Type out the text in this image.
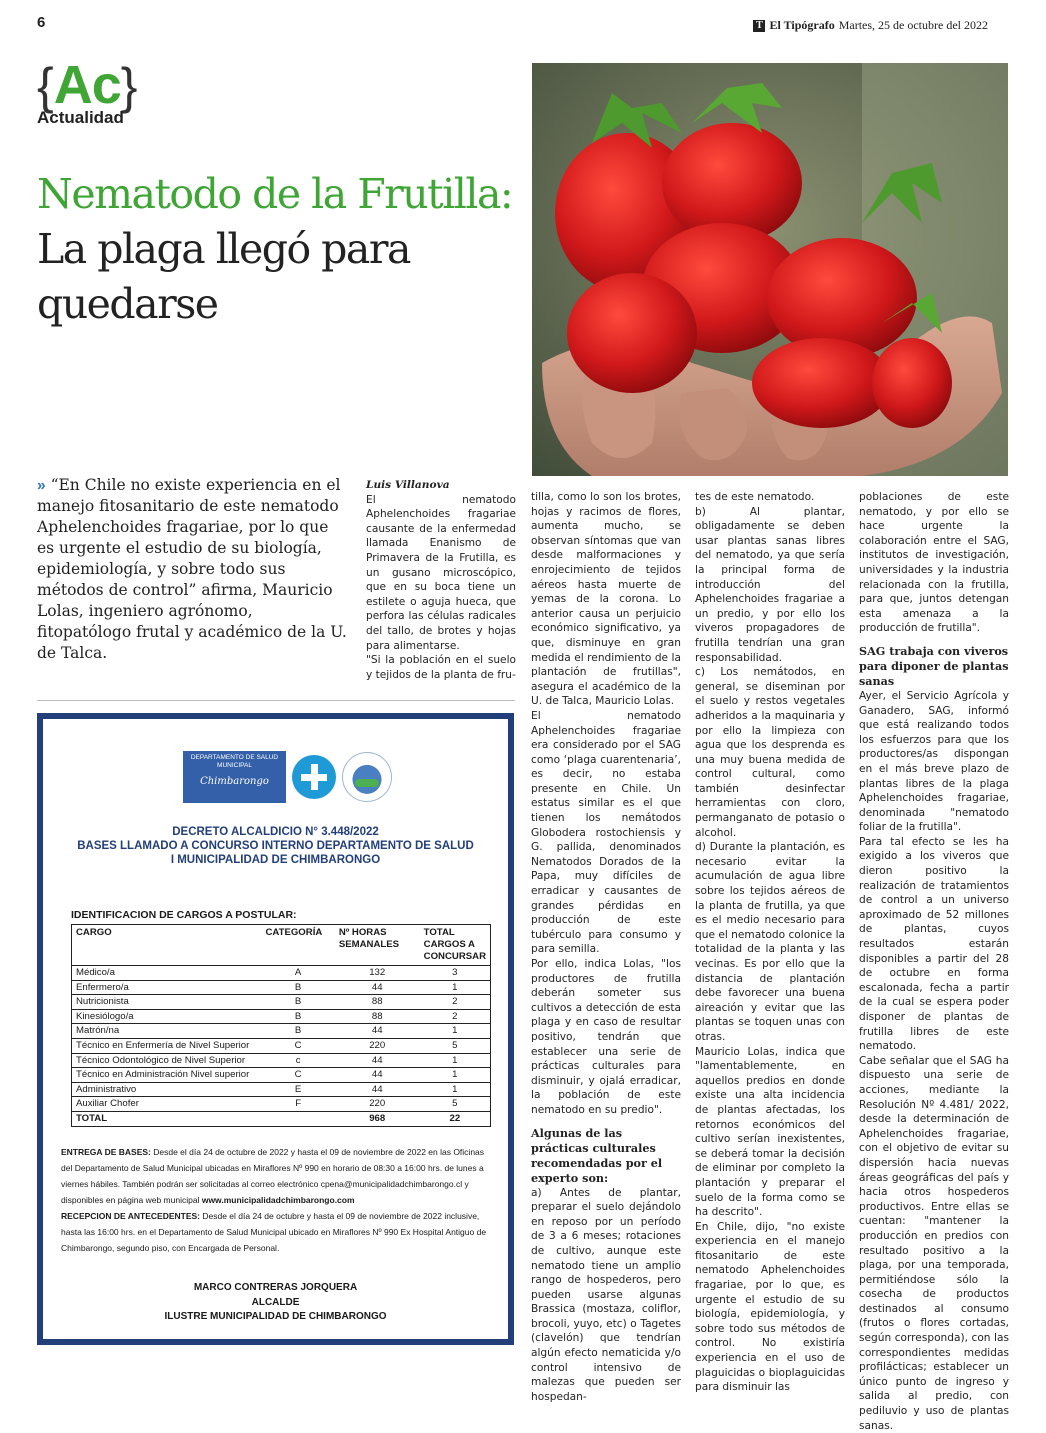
6	T El Tipógrafo Martes, 25 de octubre del 2022
{Ac}
Actualidad
Nematodo de la Frutilla: La plaga llegó para quedarse
» “En Chile no existe experiencia en el manejo fitosanitario de este nematodo Aphelenchoides fragariae, por lo que es urgente el estudio de su biología, epidemiología, y sobre todo sus métodos de control” afirma, Mauricio Lolas, ingeniero agrónomo, fitopatólogo frutal y académico de la U. de Talca.
Luis Villanova

El nematodo Aphelenchoides fragariae causante de la enfermedad llamada Enanismo de Primavera de la Frutilla, es un gusano microscópico, que en su boca tiene un estilete o aguja hueca, que perfora las células radicales del tallo, de brotes y hojas para alimentarse.

"Si la población en el suelo y tejidos de la planta de fru-

tilla, como lo son los brotes, hojas y racimos de flores, aumenta mucho, se observan síntomas que van desde malformaciones y enrojecimiento de tejidos aéreos hasta muerte de yemas de la corona. Lo anterior causa un perjuicio económico significativo, ya que, disminuye en gran medida el rendimiento de la plantación de frutillas", asegura el académico de la U. de Talca, Mauricio Lolas.

El nematodo Aphelenchoides fragariae era considerado por el SAG como ‘plaga cuarentenaria’, es decir, no estaba presente en Chile. Un estatus similar es el que tienen los nemátodos Globodera rostochiensis y G. pallida, denominados Nematodos Dorados de la Papa, muy difíciles de erradicar y causantes de grandes pérdidas en producción de este tubérculo para consumo y para semilla.

Por ello, indica Lolas, "los productores de frutilla deberán someter sus cultivos a detección de esta plaga y en caso de resultar positivo, tendrán que establecer una serie de prácticas culturales para disminuir, y ojalá erradicar, la población de este nematodo en su predio".

Algunas de las prácticas culturales recomendadas por el experto son:

a) Antes de plantar, preparar el suelo dejándolo en reposo por un período de 3 a 6 meses; rotaciones de cultivo, aunque este nematodo tiene un amplio rango de hospederos, pero pueden usarse algunas Brassica (mostaza, coliflor, brocoli, yuyo, etc) o Tagetes (clavelón) que tendrían algún efecto nematicida y/o control intensivo de malezas que pueden ser hospedan-

tes de este nematodo.

b) Al plantar, obligadamente se deben usar plantas sanas libres del nematodo, ya que sería la principal forma de introducción del Aphelenchoides fragariae a un predio, y por ello los viveros propagadores de frutilla tendrían una gran responsabilidad.

c) Los nemátodos, en general, se diseminan por el suelo y restos vegetales adheridos a la maquinaria y por ello la limpieza con agua que los desprenda es una muy buena medida de control cultural, como también desinfectar herramientas con cloro, permanganato de potasio o alcohol.

d) Durante la plantación, es necesario evitar la acumulación de agua libre sobre los tejidos aéreos de la planta de frutilla, ya que es el medio necesario para que el nematodo colonice la totalidad de la planta y las vecinas. Es por ello que la distancia de plantación debe favorecer una buena aireación y evitar que las plantas se toquen unas con otras.

Mauricio Lolas, indica que "lamentablemente, en aquellos predios en donde existe una alta incidencia de plantas afectadas, los retornos económicos del cultivo serían inexistentes, se deberá tomar la decisión de eliminar por completo la plantación y preparar el suelo de la forma como se ha descrito".

En Chile, dijo, "no existe experiencia en el manejo fitosanitario de este nematodo Aphelenchoides fragariae, por lo que, es urgente el estudio de su biología, epidemiología, y sobre todo sus métodos de control. No existiría experiencia en el uso de plaguicidas o bioplaguicidas para disminuir las

poblaciones de este nematodo, y por ello se hace urgente la colaboración entre el SAG, institutos de investigación, universidades y la industria relacionada con la frutilla, para que, juntos detengan esta amenaza a la producción de frutilla".

SAG trabaja con viveros para diponer de plantas sanas

Ayer, el Servicio Agrícola y Ganadero, SAG, informó que está realizando todos los esfuerzos para que los productores/as dispongan en el más breve plazo de plantas libres de la plaga Aphelenchoides fragariae, denominada "nematodo foliar de la frutilla".

Para tal efecto se les ha exigido a los viveros que dieron positivo la realización de tratamientos de control a un universo aproximado de 52 millones de plantas, cuyos resultados estarán disponibles a partir del 28 de octubre en forma escalonada, fecha a partir de la cual se espera poder disponer de plantas de frutilla libres de este nematodo.

Cabe señalar que el SAG ha dispuesto una serie de acciones, mediante la Resolución Nº 4.481/ 2022, desde la determinación de Aphelenchoides fragariae, con el objetivo de evitar su dispersión hacia nuevas áreas geográficas del país y hacia otros hospederos productivos. Entre ellas se cuentan: "mantener la producción en predios con resultado positivo a la plaga, por una temporada, permitiéndose sólo la cosecha de productos destinados al consumo (frutos o flores cortadas, según corresponda), con las correspondientes medidas profilácticas; establecer un único punto de ingreso y salida al predio, con pediluvio y uso de plantas sanas.

DEPARTAMENTO DE SALUD
MUNICIPAL
Chimbarongo
DECRETO ALCALDICIO N° 3.448/2022
BASES LLAMADO A CONCURSO INTERNO DEPARTAMENTO DE SALUD
I MUNICIPALIDAD DE CHIMBARONGO
IDENTIFICACION DE CARGOS A POSTULAR:
CARGO	CATEGORÍA	Nº HORAS SEMANALES	TOTAL CARGOS A CONCURSAR
Médico/a	A	132	3
Enfermero/a	B	44	1
Nutricionista	B	88	2
Kinesiólogo/a	B	88	2
Matrón/na	B	44	1
Técnico en Enfermería de Nivel Superior	C	220	5
Técnico Odontológico de Nivel Superior	c	44	1
Técnico en Administración Nivel superior	C	44	1
Administrativo	E	44	1
Auxiliar Chofer	F	220	5
TOTAL		968	22
ENTREGA DE BASES: Desde el día 24 de octubre de 2022 y hasta el 09 de noviembre de 2022 en las Oficinas del Departamento de Salud Municipal ubicadas en Miraflores Nº 990 en horario de 08:30 a 16:00 hrs. de lunes a viernes hábiles. También podrán ser solicitadas al correo electrónico cpena@municipalidadchimbarongo.cl y disponibles en página web municipal www.municipalidadchimbarongo.com
RECEPCION DE ANTECEDENTES: Desde el día 24 de octubre y hasta el 09 de noviembre de 2022 inclusive, hasta las 16:00 hrs. en el Departamento de Salud Municipal ubicado en Miraflores Nº 990 Ex Hospital Antiguo de Chimbarongo, segundo piso, con Encargada de Personal.
MARCO CONTRERAS JORQUERA
ALCALDE
ILUSTRE MUNICIPALIDAD DE CHIMBARONGO
